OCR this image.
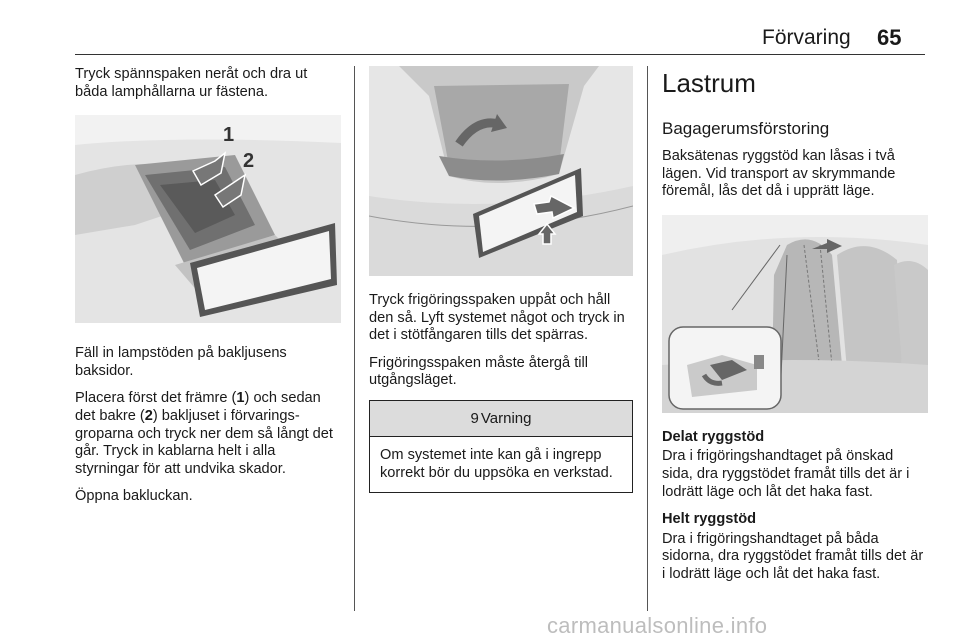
Förvaring 65

Tryck spännspaken neråt och dra ut båda lamphållarna ur fästena.

1
2

Fäll in lampstöden på bakljusens baksidor.

Placera först det främre (1) och sedan det bakre (2) bakljuset i förvaringsgroparna och tryck ner dem så långt det går. Tryck in kablarna helt i alla styrningar för att undvika skador.

Öppna bakluckan.

Tryck frigöringsspaken uppåt och håll den så. Lyft systemet något och tryck in det i stötfångaren tills det spärras.

Frigöringsspaken måste återgå till utgångsläget.

9 Varning
Om systemet inte kan gå i ingrepp korrekt bör du uppsöka en verkstad.
Lastrum
Bagagerumsförstoring

Baksätenas ryggstöd kan låsas i två lägen. Vid transport av skrymmande föremål, lås det då i upprätt läge.

Delat ryggstöd

Dra i frigöringshandtaget på önskad sida, dra ryggstödet framåt tills det är i lodrätt läge och låt det haka fast.

Helt ryggstöd

Dra i frigöringshandtaget på båda sidorna, dra ryggstödet framåt tills det är i lodrätt läge och låt det haka fast.

carmanualsonline.info
